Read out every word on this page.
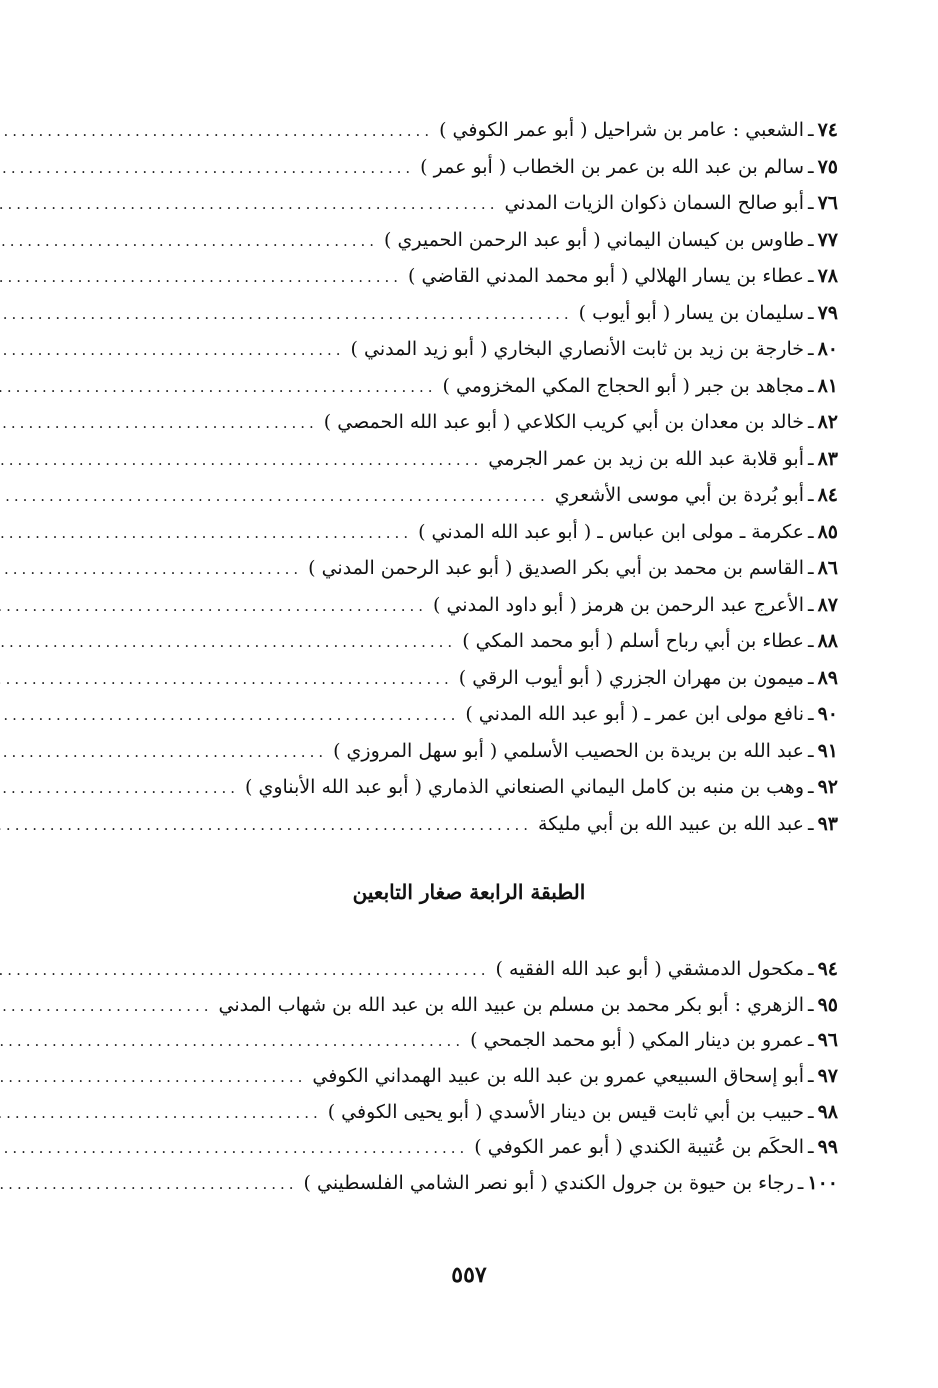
٧٤
ـ
الشعبي : عامر بن شراحيل ( أبو عمر الكوفي )
.....
٧٥
ـ
سالم بن عبد الله بن عمر بن الخطاب ( أبو عمر )
.....
٧٦
ـ
أبو صالح السمان ذكوان الزيات المدني
.....
٧٧
ـ
طاوس بن كيسان اليماني ( أبو عبد الرحمن الحميري )
.....
٧٨
ـ
عطاء بن يسار الهلالي ( أبو محمد المدني القاضي )
.....
٧٩
ـ
سليمان بن يسار ( أبو أيوب )
.....
٨٠
ـ
خارجة بن زيد بن ثابت الأنصاري البخاري ( أبو زيد المدني )
.....
٨١
ـ
مجاهد بن جبر ( أبو الحجاج المكي المخزومي )
.....
٨٢
ـ
خالد بن معدان بن أبي كريب الكلاعي ( أبو عبد الله الحمصي )
.....
٨٣
ـ
أبو قلابة عبد الله بن زيد بن عمر الجرمي
.....
٨٤
ـ
أبو بُردة بن أبي موسى الأشعري
.....
٨٥
ـ
عكرمة ـ مولى ابن عباس ـ ( أبو عبد الله المدني )
.....
٨٦
ـ
القاسم بن محمد بن أبي بكر الصديق ( أبو عبد الرحمن المدني )
.....
٨٧
ـ
الأعرج عبد الرحمن بن هرمز ( أبو داود المدني )
.....
٨٨
ـ
عطاء بن أبي رباح أسلم ( أبو محمد المكي )
.....
٨٩
ـ
ميمون بن مهران الجزري ( أبو أيوب الرقي )
.....
٩٠
ـ
نافع مولى ابن عمر ـ ( أبو عبد الله المدني )
.....
٩١
ـ
عبد الله بن بريدة بن الحصيب الأسلمي ( أبو سهل المروزي )
.....
٩٢
ـ
وهب بن منبه بن كامل اليماني الصنعاني الذماري ( أبو عبد الله الأبناوي )
.....
٩٣
ـ
عبد الله بن عبيد الله بن أبي مليكة
.....
الطبقة الرابعة صغار التابعين
٩٤
ـ
مكحول الدمشقي ( أبو عبد الله الفقيه )
.....
٩٥
ـ
الزهري : أبو بكر محمد بن مسلم بن عبيد الله بن عبد الله بن شهاب المدني
.....
٩٦
ـ
عمرو بن دينار المكي ( أبو محمد الجمحي )
.....
٩٧
ـ
أبو إسحاق السبيعي عمرو بن عبد الله بن عبيد الهمداني الكوفي
.....
٩٨
ـ
حبيب بن أبي ثابت قيس بن دينار الأسدي ( أبو يحيى الكوفي )
.....
٩٩
ـ
الحكَم بن عُتيبة الكندي ( أبو عمر الكوفي )
.....
١٠٠
ـ
رجاء بن حيوة بن جرول الكندي ( أبو نصر الشامي الفلسطيني )
.....
٥٥٧
